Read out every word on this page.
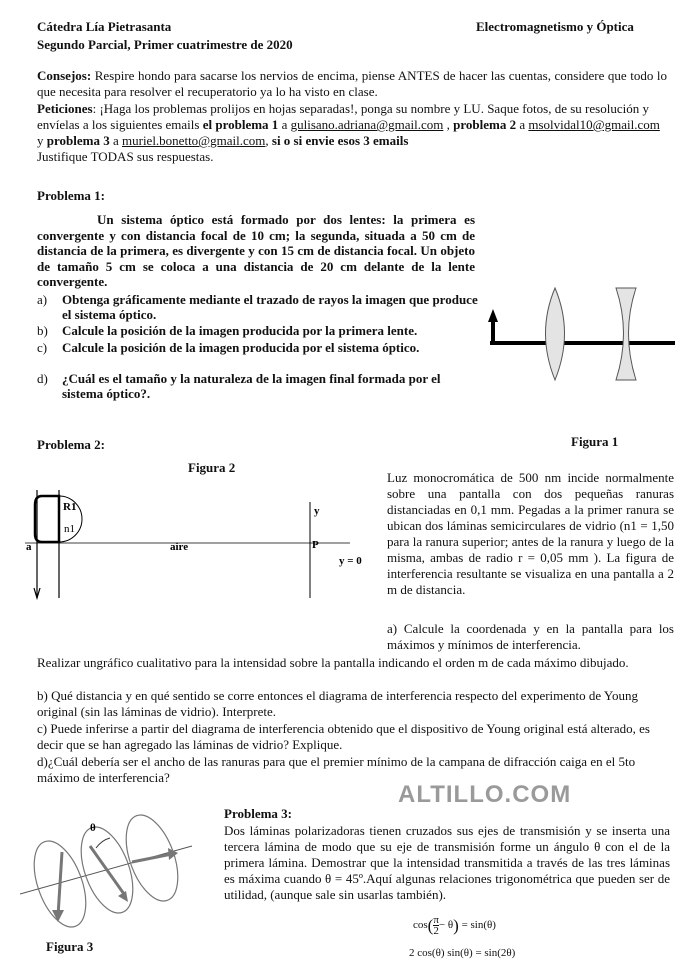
Cátedra Lía Pietrasanta
Segundo Parcial, Primer cuatrimestre de 2020
Electromagnetismo y Óptica

Consejos: Respire hondo para sacarse los nervios de encima, piense ANTES de hacer las cuentas, considere que todo lo que necesita para resolver el recuperatorio ya lo ha visto en clase.

Peticiones: ¡Haga los problemas prolijos en hojas separadas!, ponga su nombre y LU. Saque fotos, de su resolución y envíelas a los siguientes emails el problema 1 a gulisano.adriana@gmail.com , problema 2 a msolvidal10@gmail.com y problema 3 a muriel.bonetto@gmail.com, si o si envie esos 3 emails
Justifique TODAS sus respuestas.

Problema 1:

Un sistema óptico está formado por dos lentes: la primera es convergente y con distancia focal de 10 cm; la segunda, situada a 50 cm de distancia de la primera, es divergente y con 15 cm de distancia focal. Un objeto de tamaño 5 cm se coloca a una distancia de 20 cm delante de la lente convergente.

a)	Obtenga gráficamente mediante el trazado de rayos la imagen que produce el sistema óptico.
b)	Calcule la posición de la imagen producida por la primera lente.
c)	Calcule la posición de la imagen producida por el sistema óptico.
d)	¿Cuál es el tamaño y la naturaleza de la imagen final formada por el sistema óptico?.
Figura 1
Problema 2:
Figura 2
R1
n1
a	aire
y
P
y = 0

Luz monocromática de 500 nm incide normalmente sobre una pantalla con dos pequeñas ranuras distanciadas en 0,1 mm. Pegadas a la primer ranura se ubican dos láminas semicirculares de vidrio (n1 = 1,50 para la ranura superior; antes de la ranura y luego de la misma, ambas de radio r = 0,05 mm ). La figura de interferencia resultante se visualiza en una pantalla a 2 m de distancia.

a) Calcule la coordenada y en la pantalla para los máximos y mínimos de interferencia.

Realizar ungráfico cualitativo para la intensidad sobre la pantalla indicando el orden m de cada máximo dibujado.

b) Qué distancia y en qué sentido se corre entonces el diagrama de interferencia respecto del experimento de Young original (sin las láminas de vidrio). Interprete.

c) Puede inferirse a partir del diagrama de interferencia obtenido que el dispositivo de Young original está alterado, es decir que se han agregado las láminas de vidrio? Explique.

d)¿Cuál debería ser el ancho de las ranuras para que el premier mínimo de la campana de difracción caiga en el 5to máximo de interferencia?

ALTILLO.COM
θ
Figura 3
Problema 3:

Dos láminas polarizadoras tienen cruzados sus ejes de transmisión y se inserta una tercera lámina de modo que su eje de transmisión forme un ángulo θ con el de la primera lámina. Demostrar que la intensidad transmitida a través de las tres láminas es máxima cuando θ = 45º.Aquí algunas relaciones trigonométrica que pueden ser de utilidad, (aunque sale sin usarlas también).

$\cos( \frac{\pi}{2} - \theta) = \sin(\theta)$
2 cos(θ) sin(θ) = sin(2θ)
